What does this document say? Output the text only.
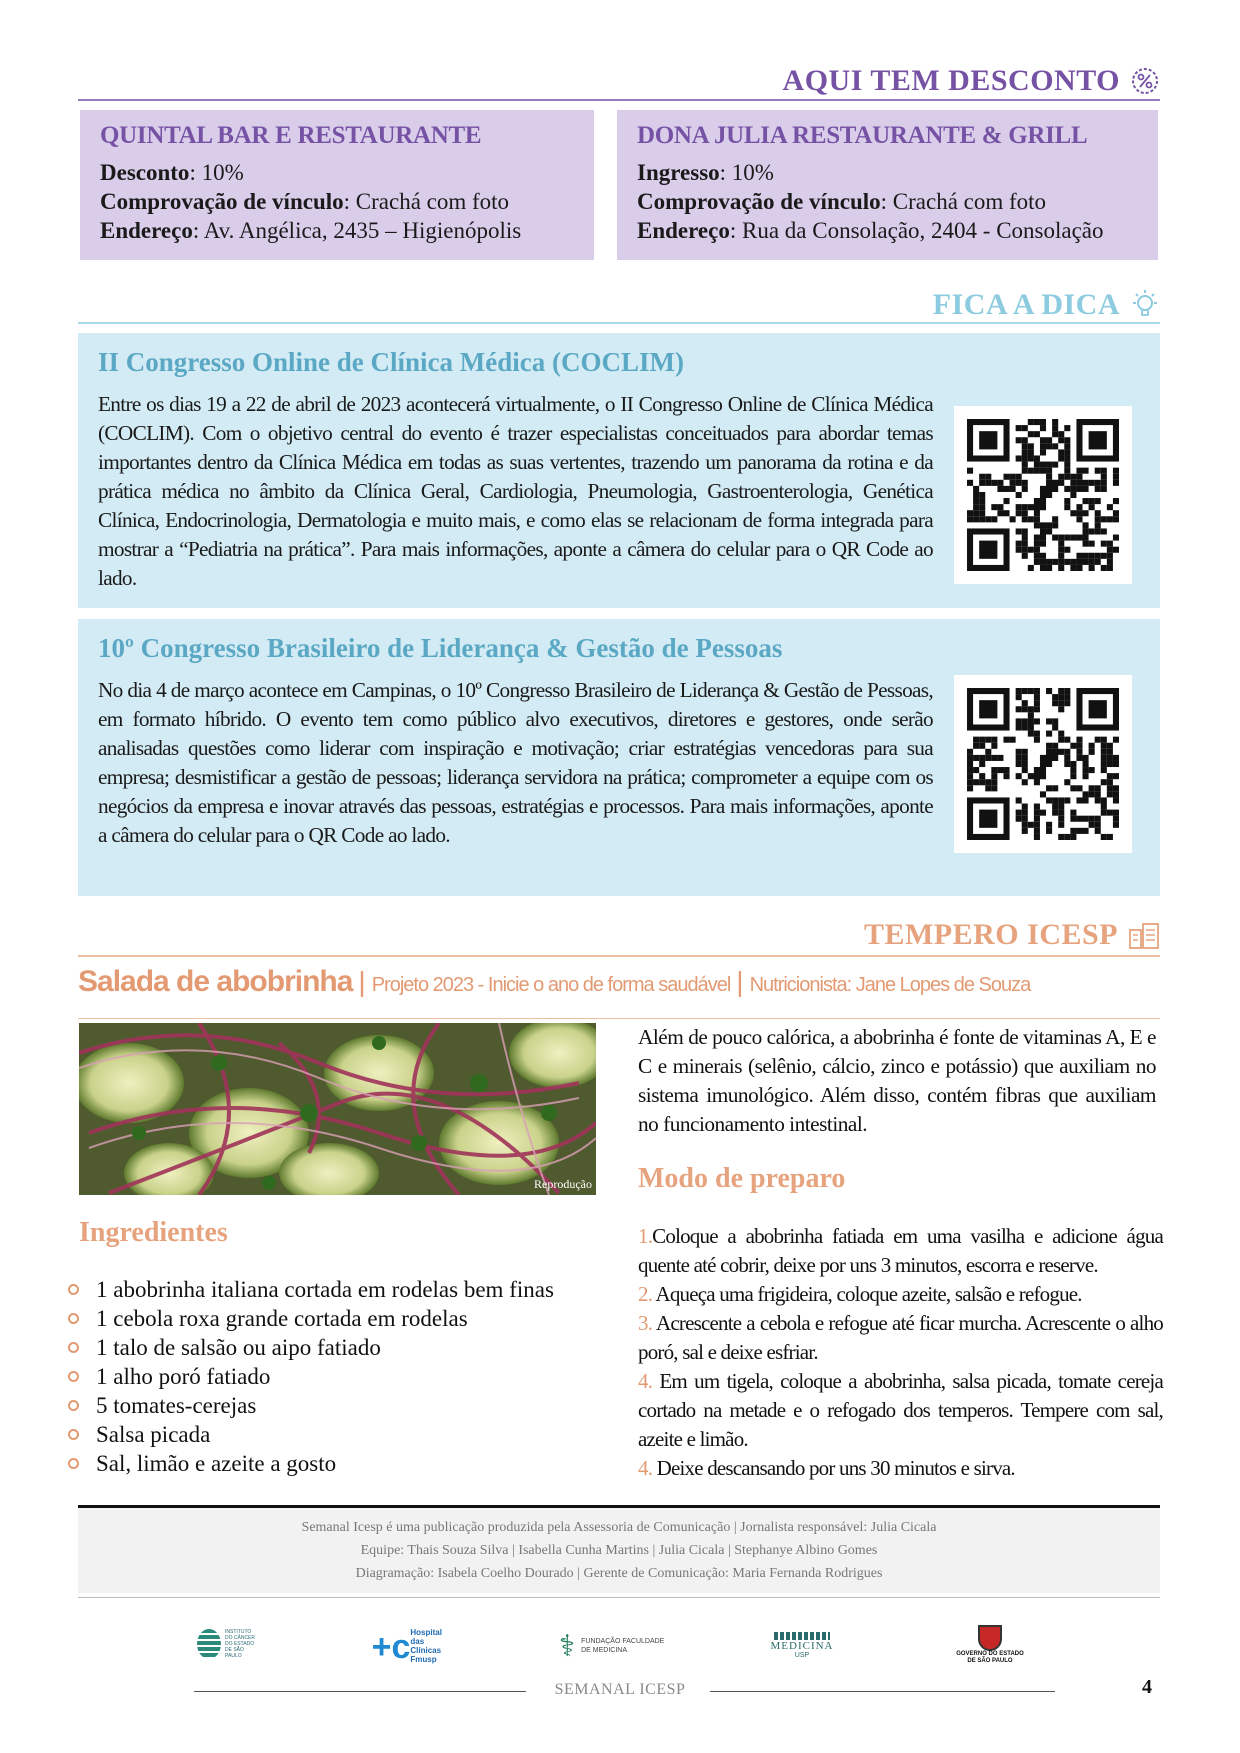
AQUI TEM DESCONTO
QUINTAL BAR E RESTAURANTE
Desconto: 10%
Comprovação de vínculo: Crachá com foto
Endereço: Av. Angélica, 2435 – Higienópolis
DONA JULIA RESTAURANTE & GRILL
Ingresso: 10%
Comprovação de vínculo: Crachá com foto
Endereço: Rua da Consolação, 2404 - Consolação
FICA A DICA
II Congresso Online de Clínica Médica (COCLIM)
Entre os dias 19 a 22 de abril de 2023 acontecerá virtualmente, o II Congresso Online de Clínica Médica (COCLIM). Com o objetivo central do evento é trazer especialistas conceituados para abordar temas importantes dentro da Clínica Médica em todas as suas vertentes, trazendo um panorama da rotina e da prática médica no âmbito da Clínica Geral, Cardiologia, Pneumologia, Gastroenterologia, Genética Clínica, Endocrinologia, Dermatologia e muito mais, e como elas se relacionam de forma integrada para mostrar a “Pediatria na prática”. Para mais informações, aponte a câmera do celular para o QR Code ao lado.
10º Congresso Brasileiro de Liderança & Gestão de Pessoas
No dia 4 de março acontece em Campinas, o 10º Congresso Brasileiro de Liderança & Gestão de Pessoas, em formato híbrido. O evento tem como público alvo executivos, diretores e gestores, onde serão analisadas questões como liderar com inspiração e motivação; criar estratégias vencedoras para sua empresa; desmistificar a gestão de pessoas; liderança servidora na prática; comprometer a equipe com os negócios da empresa e inovar através das pessoas, estratégias e processos. Para mais informações, aponte a câmera do celular para o QR Code ao lado.
TEMPERO ICESP
Salada de abobrinha | Projeto 2023 - Inicie o ano de forma saudável | Nutricionista: Jane Lopes de Souza
Reprodução
Além de pouco calórica, a abobrinha é fonte de vitaminas A, E e C e minerais (selênio, cálcio, zinco e potássio) que auxiliam no sistema imunológico. Além disso, contém fibras que auxiliam no funcionamento intestinal.
Modo de preparo
Ingredientes
1 abobrinha italiana cortada em rodelas bem finas
1 cebola roxa grande cortada em rodelas
1 talo de salsão ou aipo fatiado
1 alho poró fatiado
5 tomates-cerejas
Salsa picada
Sal, limão e azeite a gosto
1.Coloque a abobrinha fatiada em uma vasilha e adicione água quente até cobrir, deixe por uns 3 minutos, escorra e reserve.
2. Aqueça uma frigideira, coloque azeite, salsão e refogue.
3. Acrescente a cebola e refogue até ficar murcha. Acrescente o alho poró, sal e deixe esfriar.
4. Em um tigela, coloque a abobrinha, salsa picada, tomate cereja cortado na metade e o refogado dos temperos. Tempere com sal, azeite e limão.
4. Deixe descansando por uns 30 minutos e sirva.
Semanal Icesp é uma publicação produzida pela Assessoria de Comunicação | Jornalista responsável: Julia Cicala
Equipe: Thais Souza Silva | Isabella Cunha Martins | Julia Cicala | Stephanye Albino Gomes
Diagramação: Isabela Coelho Dourado | Gerente de Comunicação: Maria Fernanda Rodrigues
INSTITUTO DO CÂNCER DO ESTADO DE SÃO PAULO	+c Hospital das Clínicas Fmusp	⚕ FUNDAÇÃO FACULDADE DE MEDICINA	MEDICINA
USP	GOVERNO DO ESTADO DE SÃO PAULO
SEMANAL ICESP	4
